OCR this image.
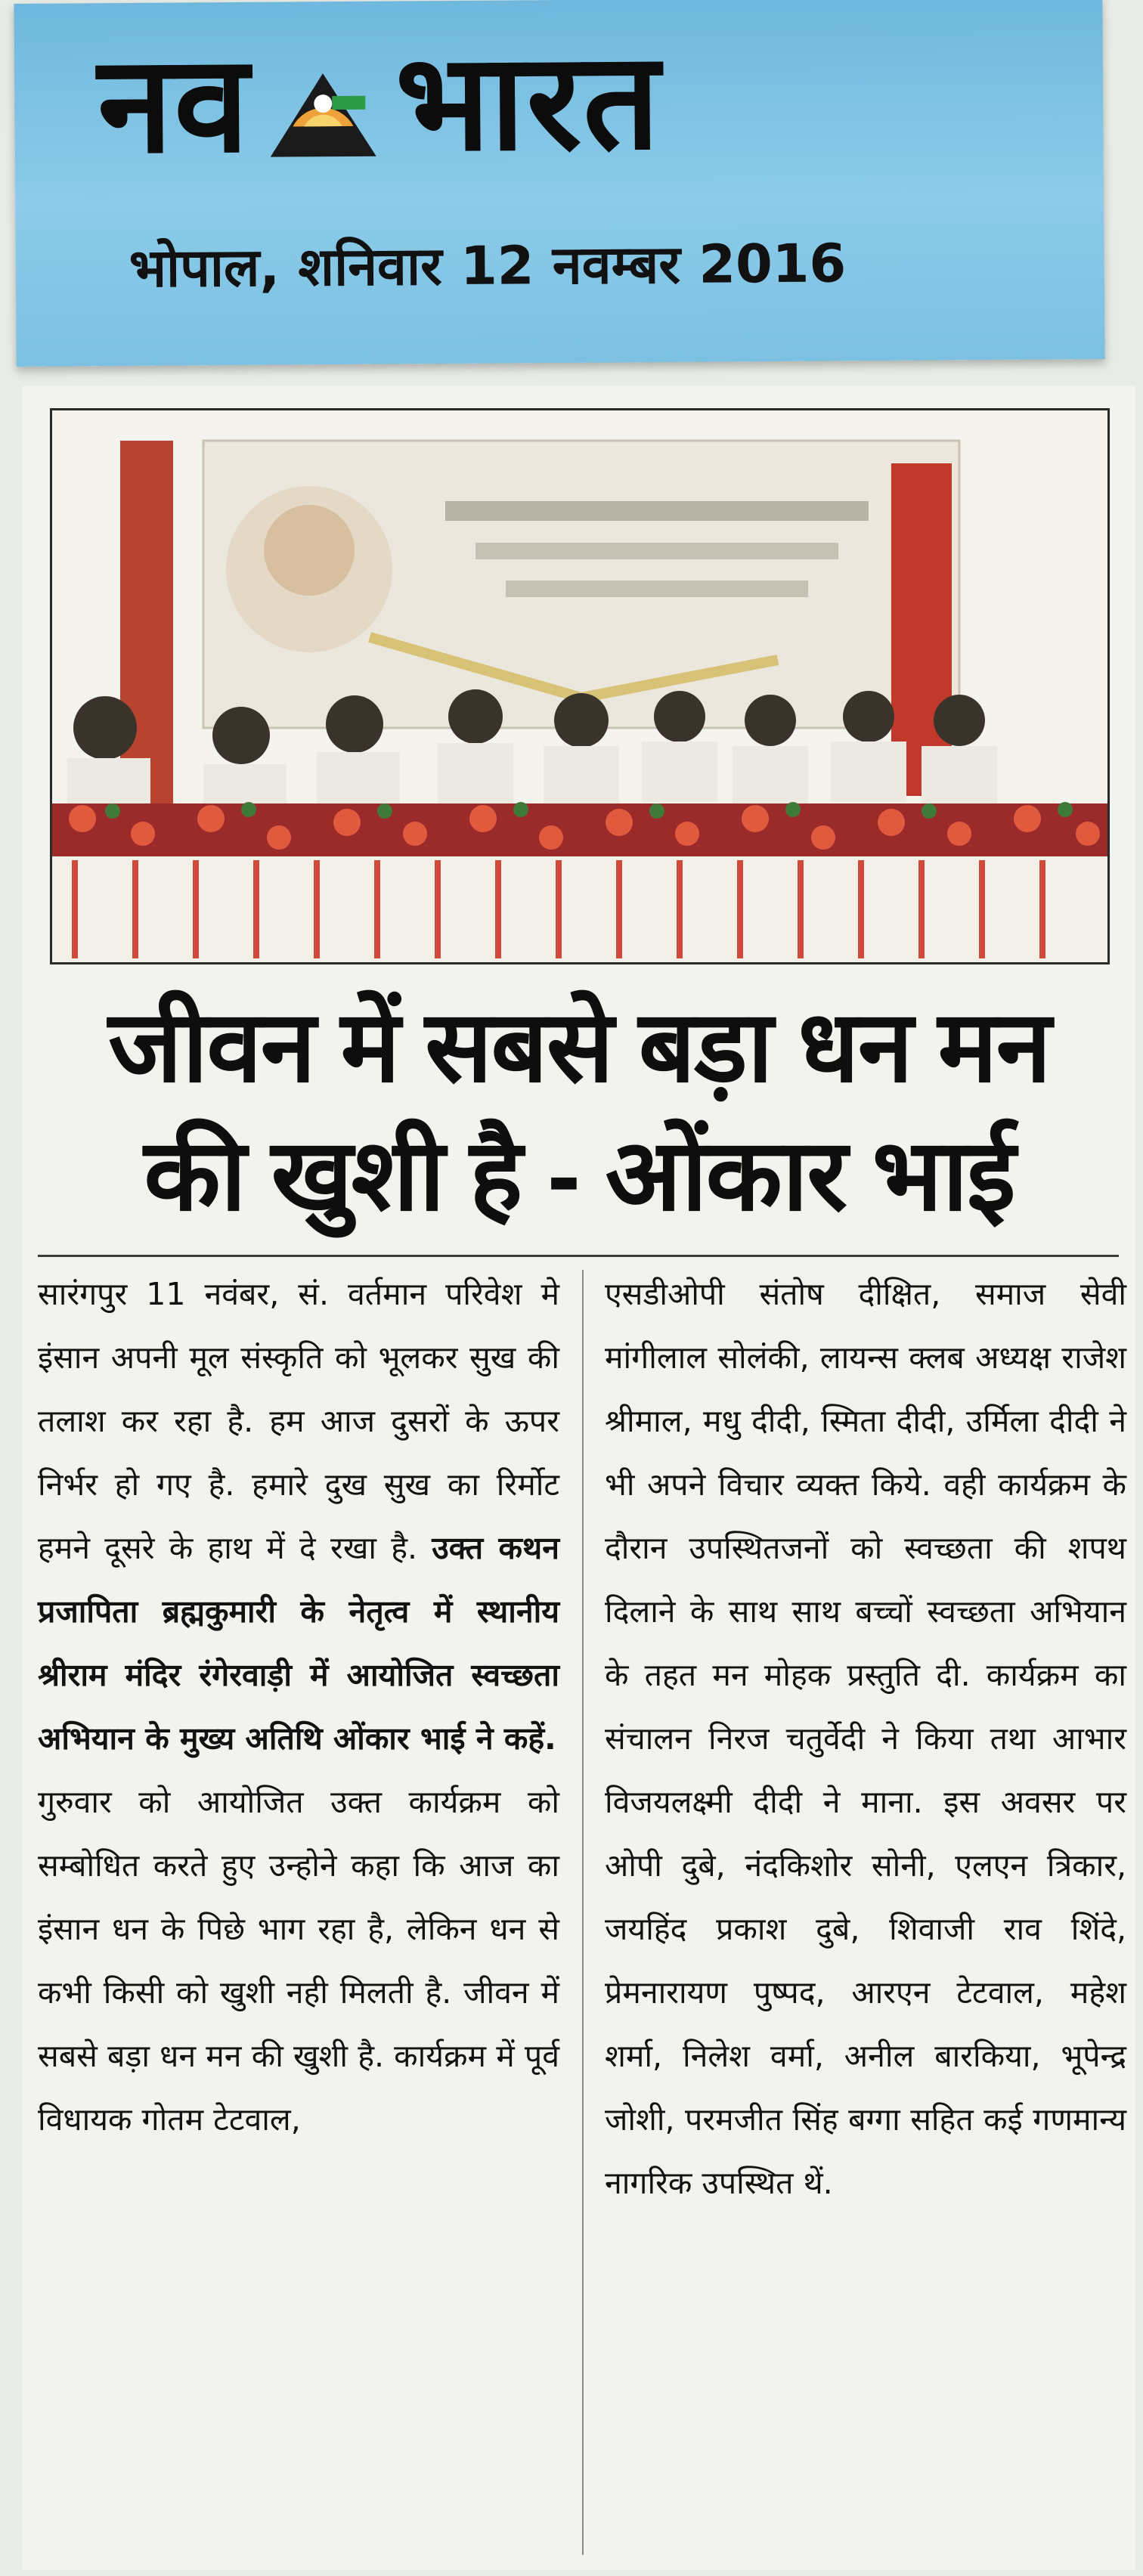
नव भारत
भोपाल, शनिवार 12 नवम्बर 2016
जीवन में सबसे बड़ा धन मन
की खुशी है - ओंकार भाई

सारंगपुर 11 नवंबर, सं. वर्तमान परिवेश मे इंसान अपनी मूल संस्कृति को भूलकर सुख की तलाश कर रहा है. हम आज दुसरों के ऊपर निर्भर हो गए है. हमारे दुख सुख का रिर्मोट हमने दूसरे के हाथ में दे रखा है. उक्त कथन प्रजापिता ब्रह्मकुमारी के नेतृत्व में स्थानीय श्रीराम मंदिर रंगेरवाड़ी में आयोजित स्वच्छता अभियान के मुख्य अतिथि ओंकार भाई ने कहें.

गुरुवार को आयोजित उक्त कार्यक्रम को सम्बोधित करते हुए उन्होने कहा कि आज का इंसान धन के पिछे भाग रहा है, लेकिन धन से कभी किसी को खुशी नही मिलती है. जीवन में सबसे बड़ा धन मन की खुशी है. कार्यक्रम में पूर्व विधायक गोतम टेटवाल,

एसडीओपी संतोष दीक्षित, समाज सेवी मांगीलाल सोलंकी, लायन्स क्लब अध्यक्ष राजेश श्रीमाल, मधु दीदी, स्मिता दीदी, उर्मिला दीदी ने भी अपने विचार व्यक्त किये. वही कार्यक्रम के दौरान उपस्थितजनों को स्वच्छता की शपथ दिलाने के साथ साथ बच्चों स्वच्छता अभियान के तहत मन मोहक प्रस्तुति दी. कार्यक्रम का संचालन निरज चतुर्वेदी ने किया तथा आभार विजयलक्ष्मी दीदी ने माना. इस अवसर पर ओपी दुबे, नंदकिशोर सोनी, एलएन त्रिकार, जयहिंद प्रकाश दुबे, शिवाजी राव शिंदे, प्रेमनारायण पुष्पद, आरएन टेटवाल, महेश शर्मा, निलेश वर्मा, अनील बारकिया, भूपेन्द्र जोशी, परमजीत सिंह बग्गा सहित कई गणमान्य नागरिक उपस्थित थें.
